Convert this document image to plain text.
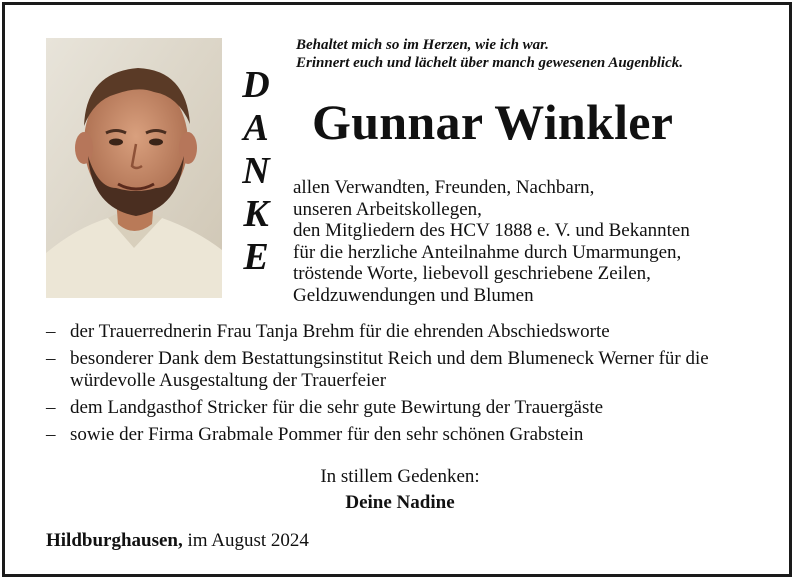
Behaltet mich so im Herzen, wie ich war.
Erinnert euch und lächelt über manch gewesenen Augenblick.
D
A
N
K
E
Gunnar Winkler
allen Verwandten, Freunden, Nachbarn,
unseren Arbeitskollegen,
den Mitgliedern des HCV 1888 e. V. und Bekannten
für die herzliche Anteilnahme durch Umarmungen,
tröstende Worte, liebevoll geschriebene Zeilen,
Geldzuwendungen und Blumen
– der Trauerrednerin Frau Tanja Brehm für die ehrenden Abschiedsworte
– besonderer Dank dem Bestattungsinstitut Reich und dem Blumeneck Werner für die würdevolle Ausgestaltung der Trauerfeier
– dem Landgasthof Stricker für die sehr gute Bewirtung der Trauergäste
– sowie der Firma Grabmale Pommer für den sehr schönen Grabstein
In stillem Gedenken:
Deine Nadine
Hildburghausen, im August 2024
